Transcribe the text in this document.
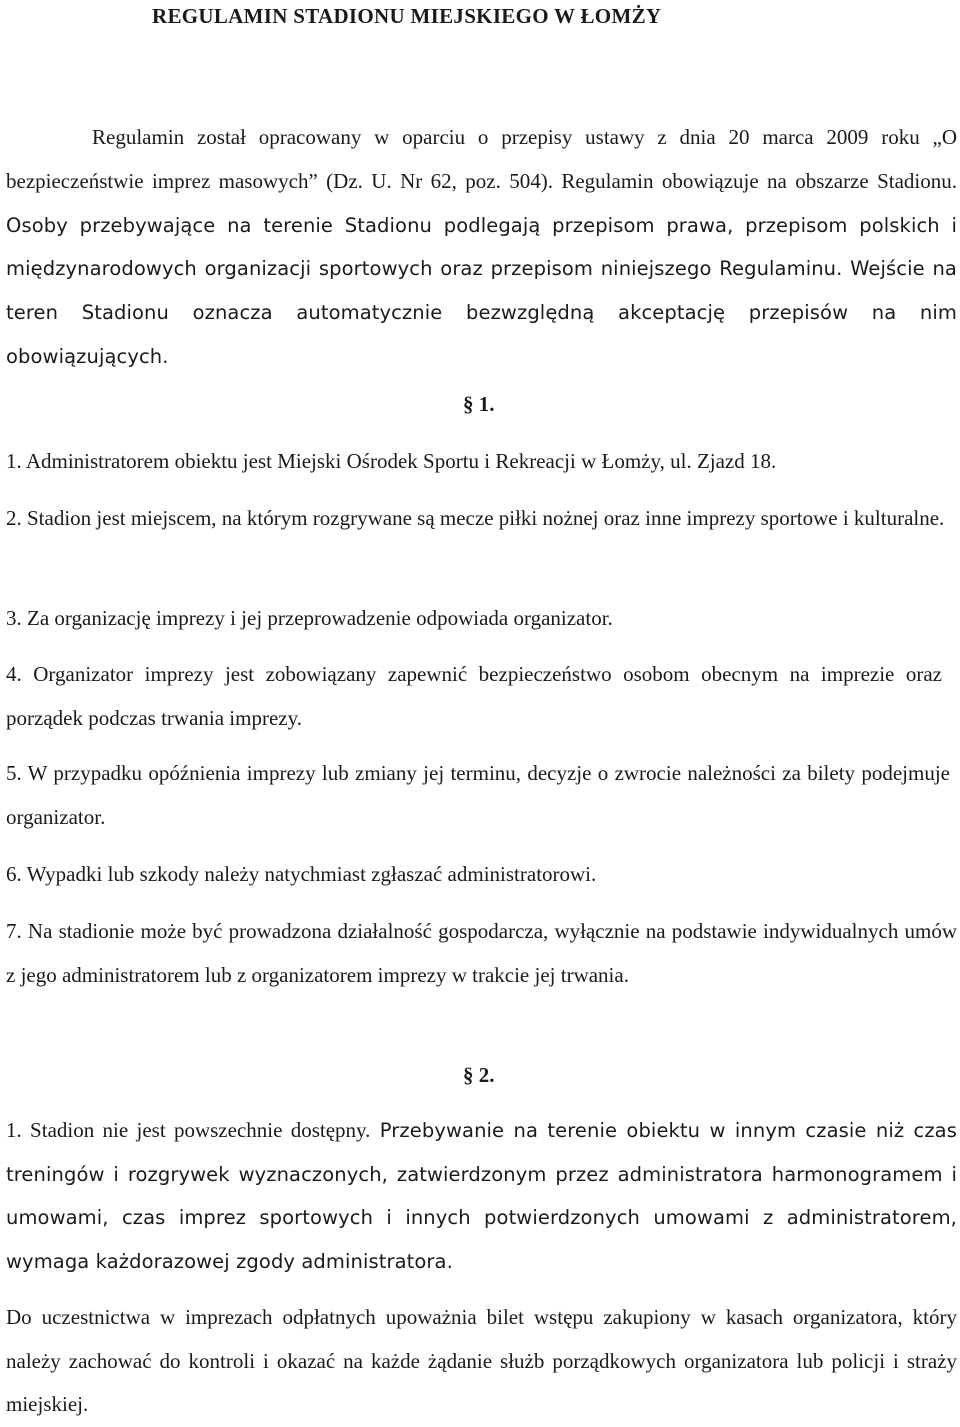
REGULAMIN STADIONU MIEJSKIEGO W ŁOMŻY

Regulamin został opracowany w oparciu o przepisy ustawy z dnia 20 marca 2009 roku „O bezpieczeństwie imprez masowych” (Dz. U. Nr 62, poz. 504). Regulamin obowiązuje na obszarze Stadionu. Osoby przebywające na terenie Stadionu podlegają przepisom prawa, przepisom polskich i międzynarodowych organizacji sportowych oraz przepisom niniejszego Regulaminu. Wejście na teren Stadionu oznacza automatycznie bezwzględną akceptację przepisów na nim obowiązujących.

§ 1.

1. Administratorem obiektu jest Miejski Ośrodek Sportu i Rekreacji w Łomży, ul. Zjazd 18.

2. Stadion jest miejscem, na którym rozgrywane są mecze piłki nożnej oraz inne imprezy sportowe i kulturalne.

3. Za organizację imprezy i jej przeprowadzenie odpowiada organizator.

4. Organizator imprezy jest zobowiązany zapewnić bezpieczeństwo osobom obecnym na imprezie oraz porządek podczas trwania imprezy.

5. W przypadku opóźnienia imprezy lub zmiany jej terminu, decyzje o zwrocie należności za bilety podejmuje organizator.

6. Wypadki lub szkody należy natychmiast zgłaszać administratorowi.

7. Na stadionie może być prowadzona działalność gospodarcza, wyłącznie na podstawie indywidualnych umów z jego administratorem lub z organizatorem imprezy w trakcie jej trwania.

§ 2.

1. Stadion nie jest powszechnie dostępny. Przebywanie na terenie obiektu w innym czasie niż czas treningów i rozgrywek wyznaczonych, zatwierdzonym przez administratora harmonogramem i umowami, czas imprez sportowych i innych potwierdzonych umowami z administratorem, wymaga każdorazowej zgody administratora.

Do uczestnictwa w imprezach odpłatnych upoważnia bilet wstępu zakupiony w kasach organizatora, który należy zachować do kontroli i okazać na każde żądanie służb porządkowych organizatora lub policji i straży miejskiej.
